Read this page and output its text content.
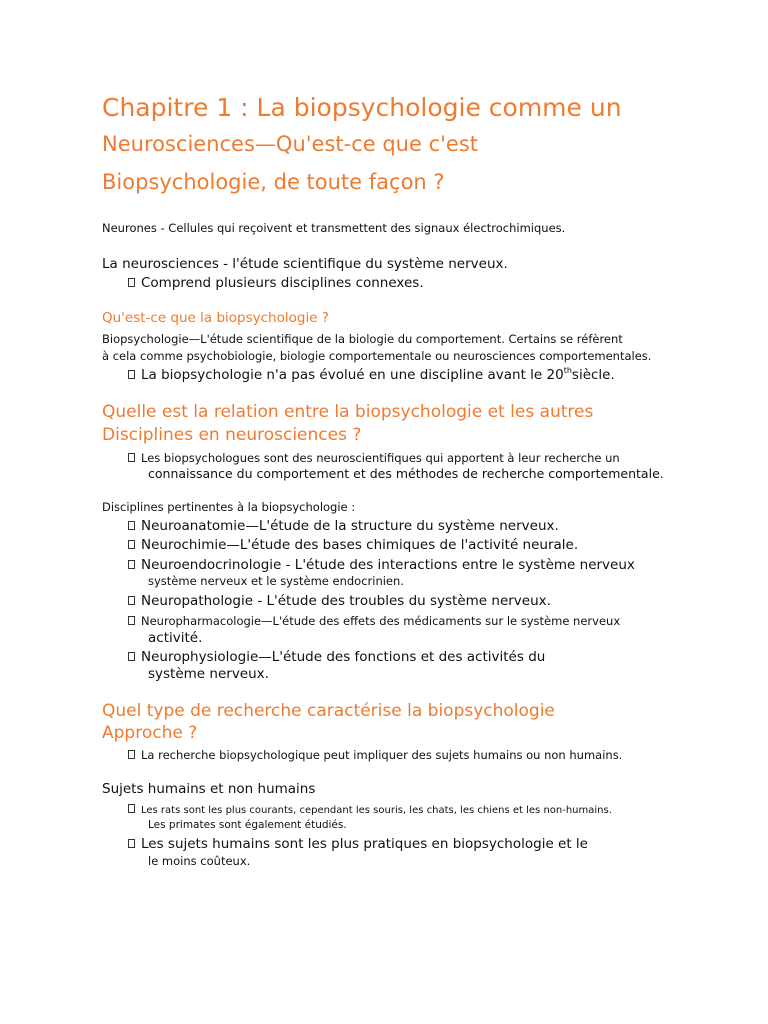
Chapitre 1 : La biopsychologie comme un
Neurosciences—Qu'est-ce que c'est
Biopsychologie, de toute façon ?

Neurones - Cellules qui reçoivent et transmettent des signaux électrochimiques.

La neurosciences - l'étude scientifique du système nerveux.

Comprend plusieurs disciplines connexes.

Qu'est-ce que la biopsychologie ?

Biopsychologie—L'étude scientifique de la biologie du comportement. Certains se réfèrent

à cela comme psychobiologie, biologie comportementale ou neurosciences comportementales.

La biopsychologie n'a pas évolué en une discipline avant le 20thsiècle.

Quelle est la relation entre la biopsychologie et les autres
Disciplines en neurosciences ?

Les biopsychologues sont des neuroscientifiques qui apportent à leur recherche un

connaissance du comportement et des méthodes de recherche comportementale.

Disciplines pertinentes à la biopsychologie :

Neuroanatomie—L'étude de la structure du système nerveux.

Neurochimie—L'étude des bases chimiques de l'activité neurale.

Neuroendocrinologie - L'étude des interactions entre le système nerveux

système nerveux et le système endocrinien.

Neuropathologie - L'étude des troubles du système nerveux.

Neuropharmacologie—L'étude des effets des médicaments sur le système nerveux

activité.

Neurophysiologie—L'étude des fonctions et des activités du

système nerveux.

Quel type de recherche caractérise la biopsychologie
Approche ?

La recherche biopsychologique peut impliquer des sujets humains ou non humains.

Sujets humains et non humains

Les rats sont les plus courants, cependant les souris, les chats, les chiens et les non-humains.

Les primates sont également étudiés.

Les sujets humains sont les plus pratiques en biopsychologie et le

le moins coûteux.
